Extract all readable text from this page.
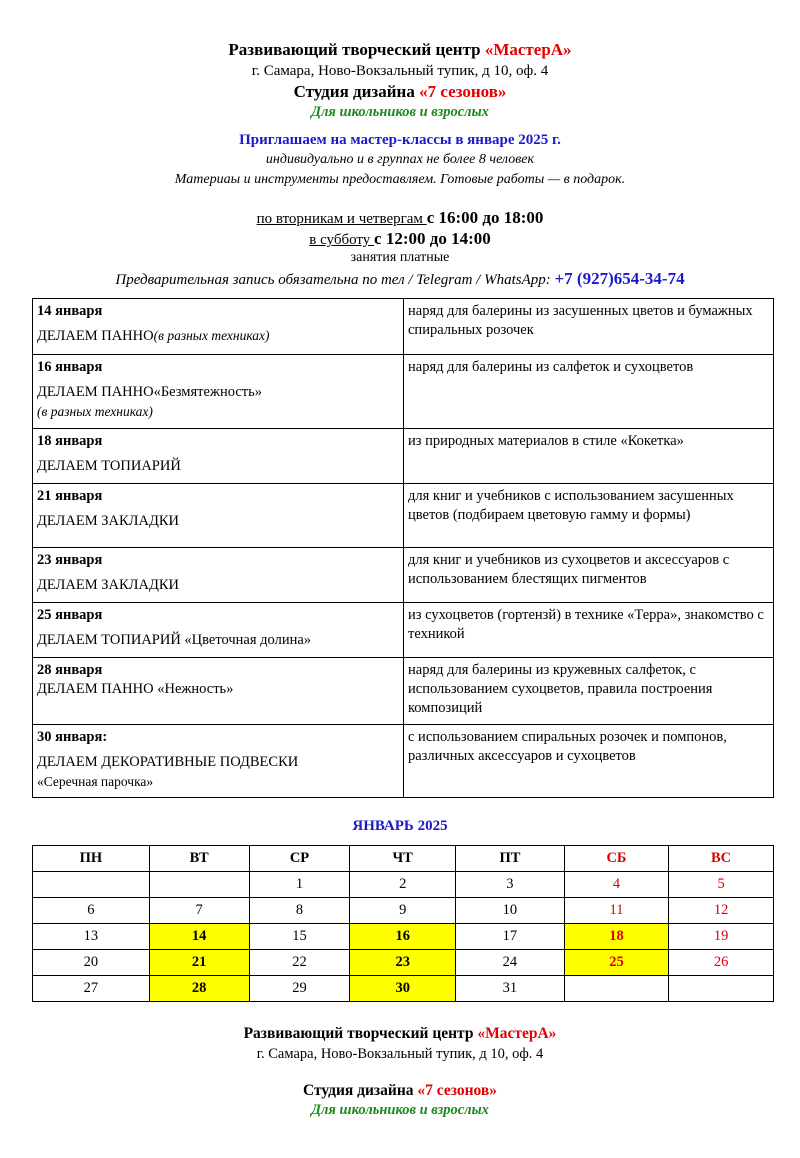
Развивающий творческий центр «МастерА»
г. Самара, Ново-Вокзальный тупик, д 10, оф. 4
Студия дизайна «7 сезонов»
Для школьников и взрослых
Приглашаем на мастер-классы в январе 2025 г.
индивидуально и в группах не более 8 человек
Материаы и инструменты предоставляем. Готовые работы — в подарок.
по вторникам и четвергам с 16:00 до 18:00
в субботу с 12:00 до 14:00
занятия платные
Предварительная запись обязательна по тел / Telegram / WhatsApp: +7 (927)654-34-74
14 января
ДЕЛАЕМ ПАННО(в разных техниках)	наряд для балерины из засушенных цветов и бумажных спиральных розочек

16 января
ДЕЛАЕМ ПАННО«Безмятежность»
(в разных техниках)	наряд для балерины из салфеток и сухоцветов

18 января
ДЕЛАЕМ ТОПИАРИЙ	из природных материалов в стиле «Кокетка»

21 января
ДЕЛАЕМ ЗАКЛАДКИ	для книг и учебников с использованием засушенных цветов (подбираем цветовую гамму и формы)

23 января
ДЕЛАЕМ ЗАКЛАДКИ	для книг и учебников из сухоцветов и аксессуаров с использованием блестящих пигментов

25 января
ДЕЛАЕМ ТОПИАРИЙ «Цветочная долина»	из сухоцветов (гортензй) в технике «Терра», знакомство с техникой

28 января
ДЕЛАЕМ ПАННО «Нежность»	наряд для балерины из кружевных салфеток, с использованием сухоцветов, правила построения композиций

30 января:
ДЕЛАЕМ ДЕКОРАТИВНЫЕ ПОДВЕСКИ
«Серечная парочка»	с использованием спиральных розочек и помпонов, различных аксессуаров и сухоцветов
ЯНВАРЬ 2025
ПН	ВТ	СР	ЧТ	ПТ	СБ	ВС
		1	2	3	4	5
6	7	8	9	10	11	12
13	14	15	16	17	18	19
20	21	22	23	24	25	26
27	28	29	30	31		
Развивающий творческий центр «МастерА»
г. Самара, Ново-Вокзальный тупик, д 10, оф. 4
Студия дизайна «7 сезонов»
Для школьников и взрослых
